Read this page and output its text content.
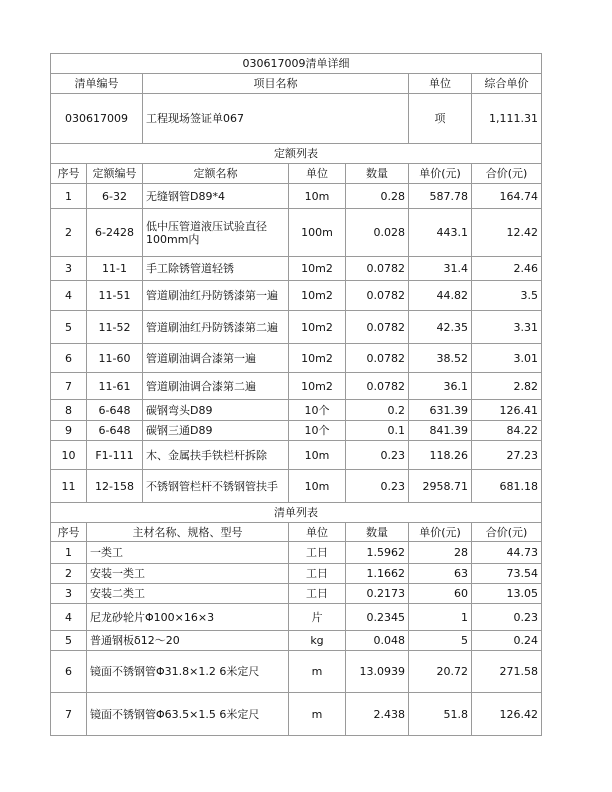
030617009清单详细						
清单编号		项目名称			单位	综合单价
030617009		工程现场签证单067			项	1,111.31
定额列表						
序号	定额编号	定额名称	单位	数量	单价(元)	合价(元)
1	6-32	无缝钢管D89*4	10m	0.28	587.78	164.74
2	6-2428	低中压管道液压试验直径100mm内	100m	0.028	443.1	12.42
3	11-1	手工除锈管道轻锈	10m2	0.0782	31.4	2.46
4	11-51	管道刷油红丹防锈漆第一遍	10m2	0.0782	44.82	3.5
5	11-52	管道刷油红丹防锈漆第二遍	10m2	0.0782	42.35	3.31
6	11-60	管道刷油调合漆第一遍	10m2	0.0782	38.52	3.01
7	11-61	管道刷油调合漆第二遍	10m2	0.0782	36.1	2.82
8	6-648	碳钢弯头D89	10个	0.2	631.39	126.41
9	6-648	碳钢三通D89	10个	0.1	841.39	84.22
10	F1-111	木、金属扶手铁栏杆拆除	10m	0.23	118.26	27.23
11	12-158	不锈钢管栏杆不锈钢管扶手	10m	0.23	2958.71	681.18
清单列表						
序号	主材名称、规格、型号		单位	数量	单价(元)	合价(元)
1	一类工		工日	1.5962	28	44.73
2	安装一类工		工日	1.1662	63	73.54
3	安装二类工		工日	0.2173	60	13.05
4	尼龙砂轮片Φ100×16×3		片	0.2345	1	0.23
5	普通钢板δ12～20		kg	0.048	5	0.24
6	镜面不锈钢管Φ31.8×1.2 6米定尺		m	13.0939	20.72	271.58
7	镜面不锈钢管Φ63.5×1.5 6米定尺		m	2.438	51.8	126.42
